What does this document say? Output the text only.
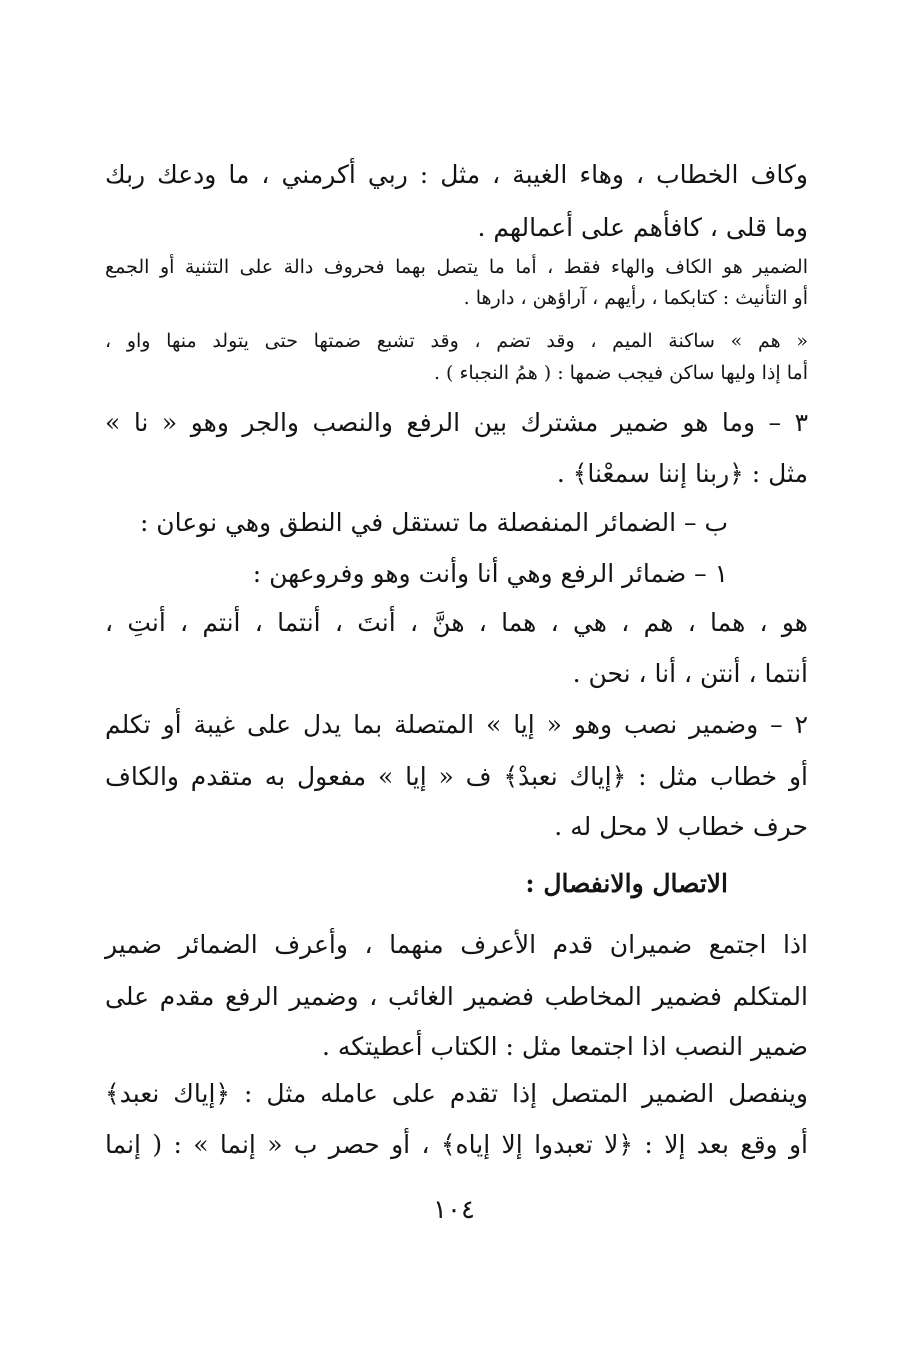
وكاف الخطاب ، وهاء الغيبة ، مثل : ربي أكرمني ، ما ودعك ربك

وما قلى ، كافأهم على أعمالهم .

الضمير هو الكاف والهاء فقط ، أما ما يتصل بهما فحروف دالة على التثنية أو الجمع

أو التأنيث : كتابكما ، رأيهم ، آراؤهن ، دارها .

« هم » ساكنة الميم ، وقد تضم ، وقد تشبع ضمتها حتى يتولد منها واو ،

أما إذا وليها ساكن فيجب ضمها : ( همُ النجباء ) .

٣ – وما هو ضمير مشترك بين الرفع والنصب والجر وهو « نا »

مثل : ﴿ربنا إننا سمعْنا﴾ .

ب – الضمائر المنفصلة ما تستقل في النطق وهي نوعان :

١ – ضمائر الرفع وهي أنا وأنت وهو وفروعهن :

هو ، هما ، هم ، هي ، هما ، هنَّ ، أنتَ ، أنتما ، أنتم ، أنتِ ،

أنتما ، أنتن ، أنا ، نحن .

٢ – وضمير نصب وهو « إيا » المتصلة بما يدل على غيبة أو تكلم

أو خطاب مثل : ﴿إياك نعبدْ﴾ ف « إيا » مفعول به متقدم والكاف

حرف خطاب لا محل له .

الاتصال والانفصال :

اذا اجتمع ضميران قدم الأعرف منهما ، وأعرف الضمائر ضمير

المتكلم فضمير المخاطب فضمير الغائب ، وضمير الرفع مقدم على

ضمير النصب اذا اجتمعا مثل : الكتاب أعطيتكه .

وينفصل الضمير المتصل إذا تقدم على عامله مثل : ﴿إياك نعبد﴾

أو وقع بعد إلا : ﴿لا تعبدوا إلا إياه﴾ ، أو حصر ب « إنما » : ( إنما

١٠٤
